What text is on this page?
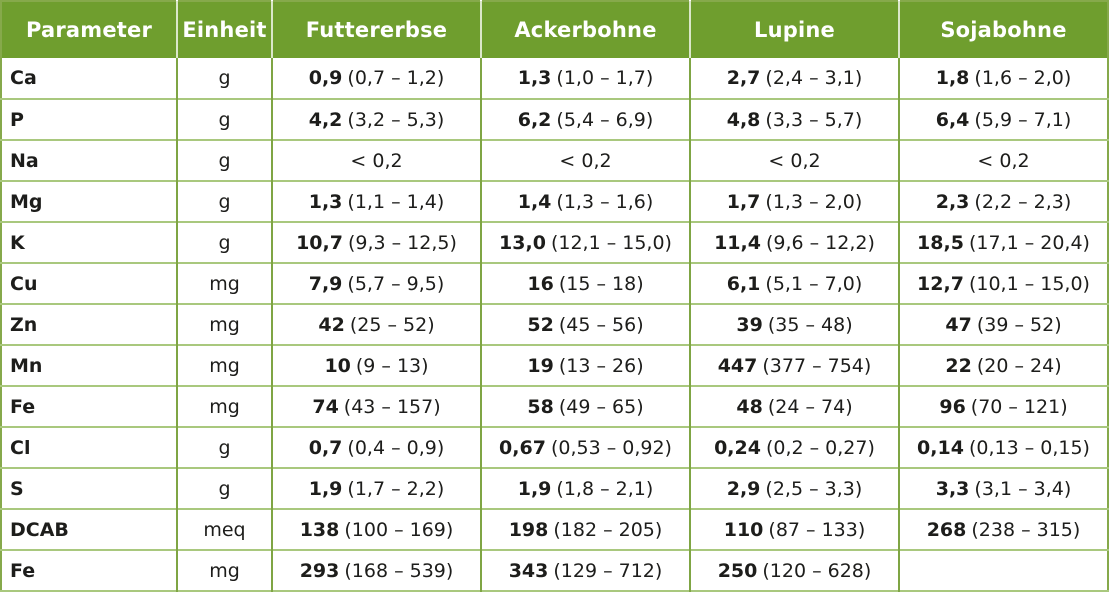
Parameter	Einheit	Futtererbse	Ackerbohne	Lupine	Sojabohne
Ca	g	0,9 (0,7 – 1,2)	1,3 (1,0 – 1,7)	2,7 (2,4 – 3,1)	1,8 (1,6 – 2,0)
P	g	4,2 (3,2 – 5,3)	6,2 (5,4 – 6,9)	4,8 (3,3 – 5,7)	6,4 (5,9 – 7,1)
Na	g	< 0,2	< 0,2	< 0,2	< 0,2
Mg	g	1,3 (1,1 – 1,4)	1,4 (1,3 – 1,6)	1,7 (1,3 – 2,0)	2,3 (2,2 – 2,3)
K	g	10,7 (9,3 – 12,5)	13,0 (12,1 – 15,0)	11,4 (9,6 – 12,2)	18,5 (17,1 – 20,4)
Cu	mg	7,9 (5,7 – 9,5)	16 (15 – 18)	6,1 (5,1 – 7,0)	12,7 (10,1 – 15,0)
Zn	mg	42 (25 – 52)	52 (45 – 56)	39 (35 – 48)	47 (39 – 52)
Mn	mg	10 (9 – 13)	19 (13 – 26)	447 (377 – 754)	22 (20 – 24)
Fe	mg	74 (43 – 157)	58 (49 – 65)	48 (24 – 74)	96 (70 – 121)
Cl	g	0,7 (0,4 – 0,9)	0,67 (0,53 – 0,92)	0,24 (0,2 – 0,27)	0,14 (0,13 – 0,15)
S	g	1,9 (1,7 – 2,2)	1,9 (1,8 – 2,1)	2,9 (2,5 – 3,3)	3,3 (3,1 – 3,4)
DCAB	meq	138 (100 – 169)	198 (182 – 205)	110 (87 – 133)	268 (238 – 315)
Fe	mg	293 (168 – 539)	343 (129 – 712)	250 (120 – 628)	
